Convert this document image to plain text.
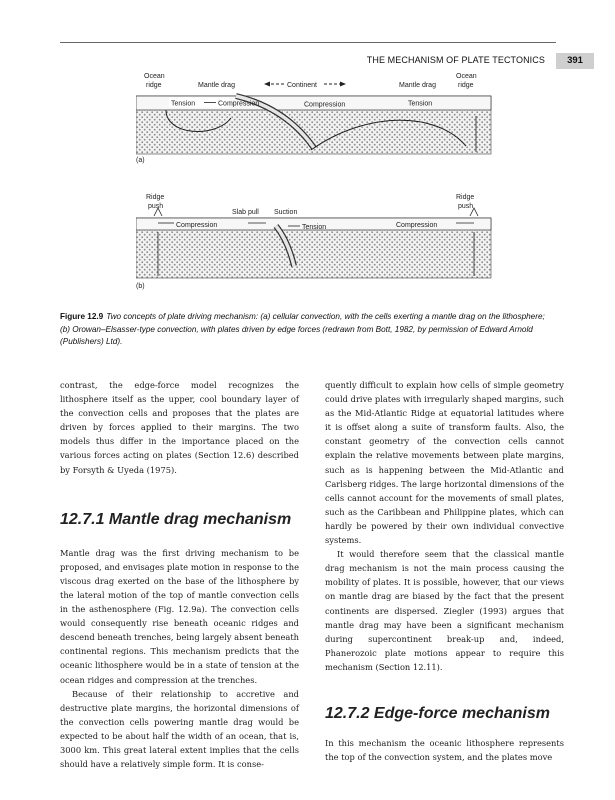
THE MECHANISM OF PLATE TECTONICS	391
Ocean
ridge	Mantle drag	Continent	Mantle drag
Ocean
ridge
Tension	Compression	Compression	Tension
(a)
Ridge
push
Slab pull Suction
Ridge
push
Compression	Tension	Compression
(b)
Figure 12.9 Two concepts of plate driving mechanism: (a) cellular convection, with the cells exerting a mantle drag on the lithosphere; (b) Orowan–Elsasser-type convection, with plates driven by edge forces (redrawn from Bott, 1982, by permission of Edward Arnold (Publishers) Ltd).

contrast, the edge-force model recognizes the lithosphere itself as the upper, cool boundary layer of the convection cells and proposes that the plates are driven by forces applied to their margins. The two models thus differ in the importance placed on the various forces acting on plates (Section 12.6) described by Forsyth & Uyeda (1975).

12.7.1 Mantle drag mechanism

Mantle drag was the first driving mechanism to be proposed, and envisages plate motion in response to the viscous drag exerted on the base of the lithosphere by the lateral motion of the top of mantle convection cells in the asthenosphere (Fig. 12.9a). The convection cells would consequently rise beneath oceanic ridges and descend beneath trenches, being largely absent beneath continental regions. This mechanism predicts that the oceanic lithosphere would be in a state of tension at the ocean ridges and compression at the trenches.

Because of their relationship to accretive and destructive plate margins, the horizontal dimensions of the convection cells powering mantle drag would be expected to be about half the width of an ocean, that is, 3000 km. This great lateral extent implies that the cells should have a relatively simple form. It is conse-

quently difficult to explain how cells of simple geometry could drive plates with irregularly shaped margins, such as the Mid-Atlantic Ridge at equatorial latitudes where it is offset along a suite of transform faults. Also, the constant geometry of the convection cells cannot explain the relative movements between plate margins, such as is happening between the Mid-Atlantic and Carlsberg ridges. The large horizontal dimensions of the cells cannot account for the movements of small plates, such as the Caribbean and Philippine plates, which can hardly be powered by their own individual convective systems.

It would therefore seem that the classical mantle drag mechanism is not the main process causing the mobility of plates. It is possible, however, that our views on mantle drag are biased by the fact that the present continents are dispersed. Ziegler (1993) argues that mantle drag may have been a significant mechanism during supercontinent break-up and, indeed, Phanerozoic plate motions appear to require this mechanism (Section 12.11).

12.7.2 Edge-force mechanism

In this mechanism the oceanic lithosphere represents the top of the convection system, and the plates move
